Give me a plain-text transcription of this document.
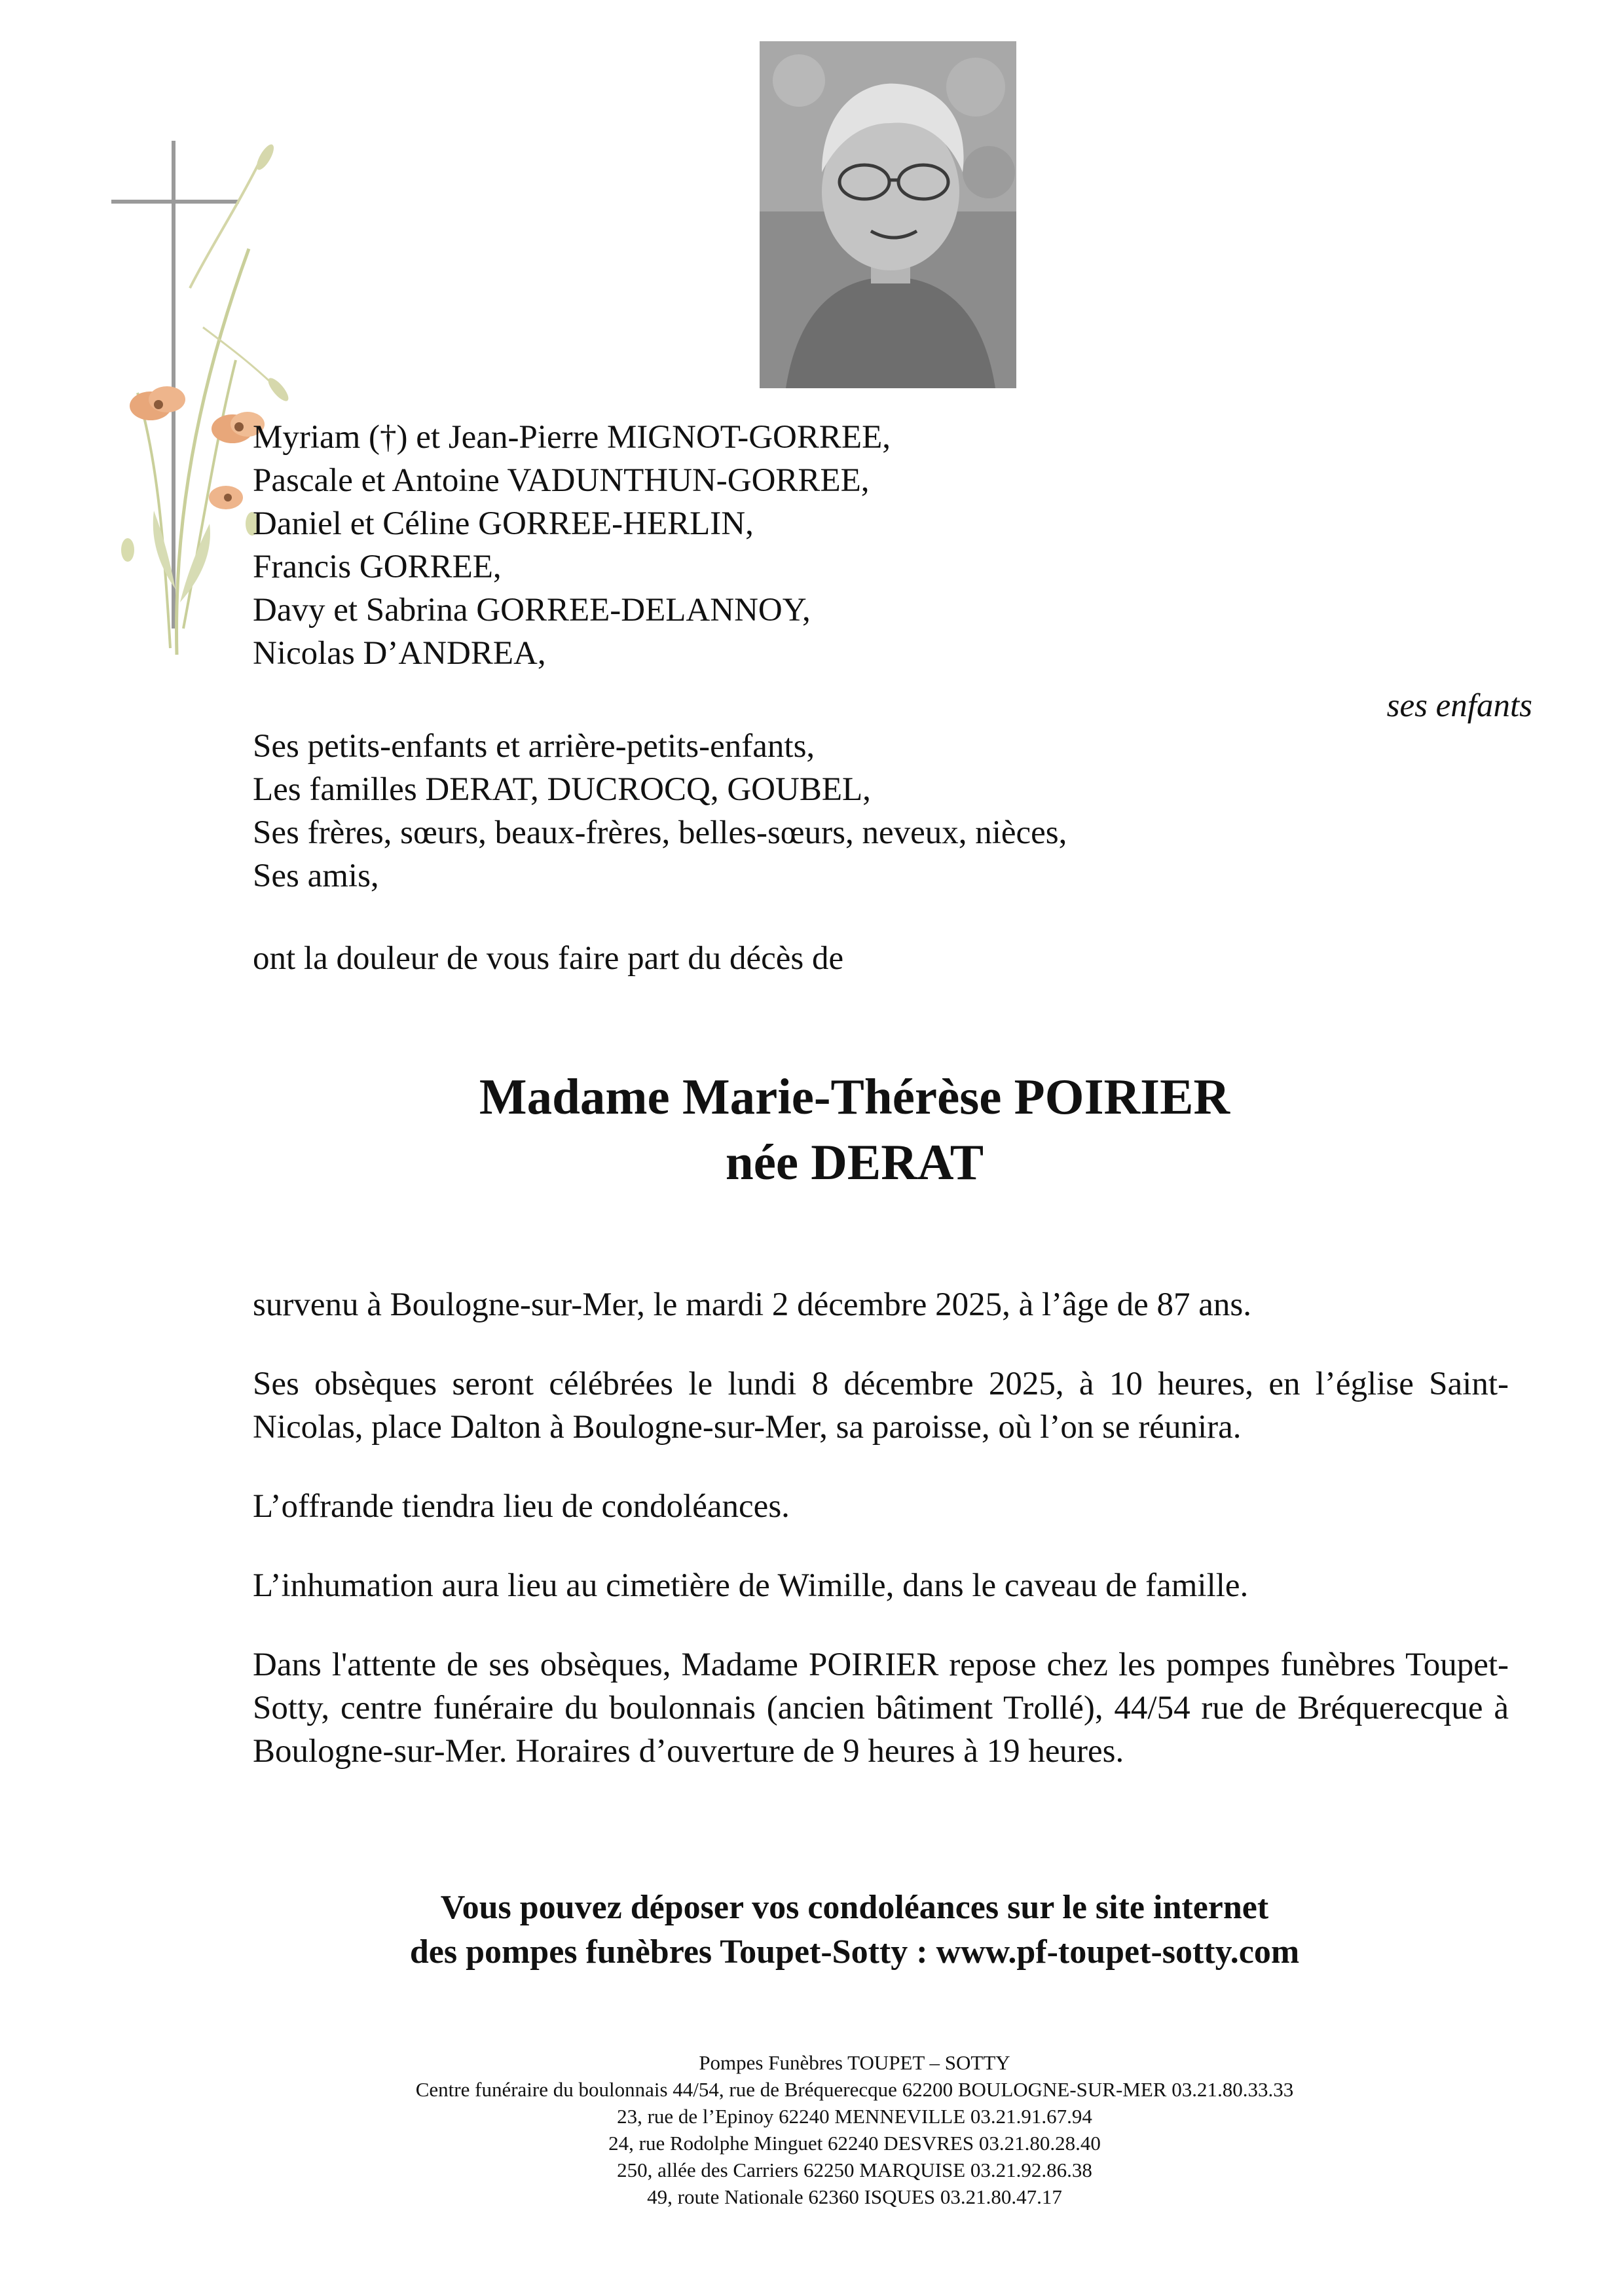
Myriam (†) et Jean-Pierre MIGNOT-GORREE,
Pascale et Antoine VADUNTHUN-GORREE,
Daniel et Céline GORREE-HERLIN,
Francis GORREE,
Davy et Sabrina GORREE-DELANNOY,
Nicolas D’ANDREA,
ses enfants
Ses petits-enfants et arrière-petits-enfants,
Les familles DERAT, DUCROCQ, GOUBEL,
Ses frères, sœurs, beaux-frères, belles-sœurs, neveux, nièces,
Ses amis,
ont la douleur de vous faire part du décès de
Madame Marie-Thérèse POIRIER
née DERAT

survenu à Boulogne-sur-Mer, le mardi 2 décembre 2025, à l’âge de 87 ans.

Ses obsèques seront célébrées le lundi 8 décembre 2025, à 10 heures, en l’église Saint-Nicolas, place Dalton à Boulogne-sur-Mer, sa paroisse, où l’on se réunira.

L’offrande tiendra lieu de condoléances.

L’inhumation aura lieu au cimetière de Wimille, dans le caveau de famille.

Dans l'attente de ses obsèques, Madame POIRIER repose chez les pompes funèbres Toupet-Sotty, centre funéraire du boulonnais (ancien bâtiment Trollé), 44/54 rue de Bréquerecque à Boulogne-sur-Mer. Horaires d’ouverture de 9 heures à 19 heures.

Vous pouvez déposer vos condoléances sur le site internet
des pompes funèbres Toupet-Sotty : www.pf-toupet-sotty.com
Pompes Funèbres TOUPET – SOTTY
Centre funéraire du boulonnais 44/54, rue de Bréquerecque 62200 BOULOGNE-SUR-MER 03.21.80.33.33
23, rue de l’Epinoy 62240 MENNEVILLE 03.21.91.67.94
24, rue Rodolphe Minguet 62240 DESVRES 03.21.80.28.40
250, allée des Carriers 62250 MARQUISE 03.21.92.86.38
49, route Nationale 62360 ISQUES 03.21.80.47.17
